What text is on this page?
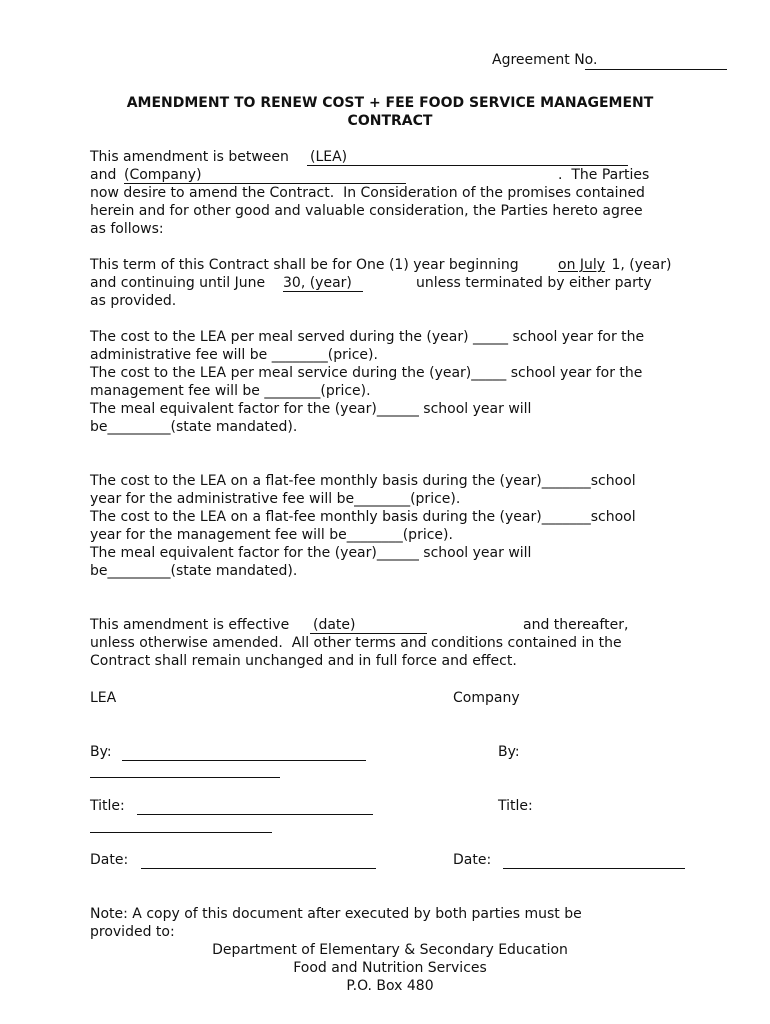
Agreement No.
AMENDMENT TO RENEW COST + FEE FOOD SERVICE MANAGEMENT
CONTRACT
This amendment is between (LEA)
and (Company)	.  The Parties
now desire to amend the Contract.  In Consideration of the promises contained
herein and for other good and valuable consideration, the Parties hereto agree
as follows:
This term of this Contract shall be for One (1) year beginning on July 1, (year)
and continuing until June 30, (year)	unless terminated by either party
as provided.
The cost to the LEA per meal served during the (year) _____ school year for the
administrative fee will be ________(price).
The cost to the LEA per meal service during the (year)_____ school year for the
management fee will be ________(price).
The meal equivalent factor for the (year)______ school year will
be_________(state mandated).
The cost to the LEA on a flat-fee monthly basis during the (year)_______school
year for the administrative fee will be________(price).
The cost to the LEA on a flat-fee monthly basis during the (year)_______school
year for the management fee will be________(price).
The meal equivalent factor for the (year)______ school year will
be_________(state mandated).
This amendment is effective (date)	and thereafter,
unless otherwise amended.  All other terms and conditions contained in the
Contract shall remain unchanged and in full force and effect.
LEA	Company
By:	By:
Title:	Title:
Date:	Date:
Note: A copy of this document after executed by both parties must be
provided to:
Department of Elementary & Secondary Education
Food and Nutrition Services
P.O. Box 480
